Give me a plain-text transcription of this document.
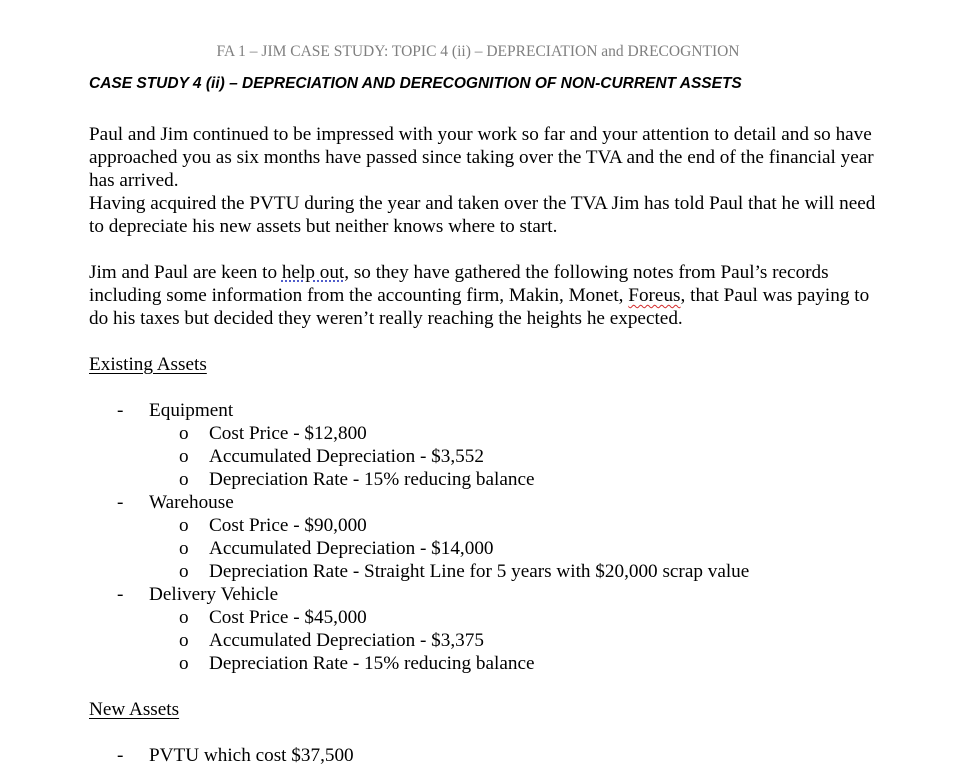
FA 1 – JIM CASE STUDY: TOPIC 4 (ii) – DEPRECIATION and DRECOGNTION
CASE STUDY 4 (ii) – DEPRECIATION AND DERECOGNITION OF NON-CURRENT ASSETS
Paul and Jim continued to be impressed with your work so far and your attention to detail and so have approached you as six months have passed since taking over the TVA and the end of the financial year has arrived.
Having acquired the PVTU during the year and taken over the TVA Jim has told Paul that he will need to depreciate his new assets but neither knows where to start.
Jim and Paul are keen to help out, so they have gathered the following notes from Paul’s records including some information from the accounting firm, Makin, Monet, Foreus, that Paul was paying to do his taxes but decided they weren’t really reaching the heights he expected.
Existing Assets
- Equipment
o Cost Price - $12,800
o Accumulated Depreciation - $3,552
o Depreciation Rate - 15% reducing balance
- Warehouse
o Cost Price - $90,000
o Accumulated Depreciation - $14,000
o Depreciation Rate - Straight Line for 5 years with $20,000 scrap value
- Delivery Vehicle
o Cost Price - $45,000
o Accumulated Depreciation - $3,375
o Depreciation Rate - 15% reducing balance
New Assets
- PVTU which cost $37,500
